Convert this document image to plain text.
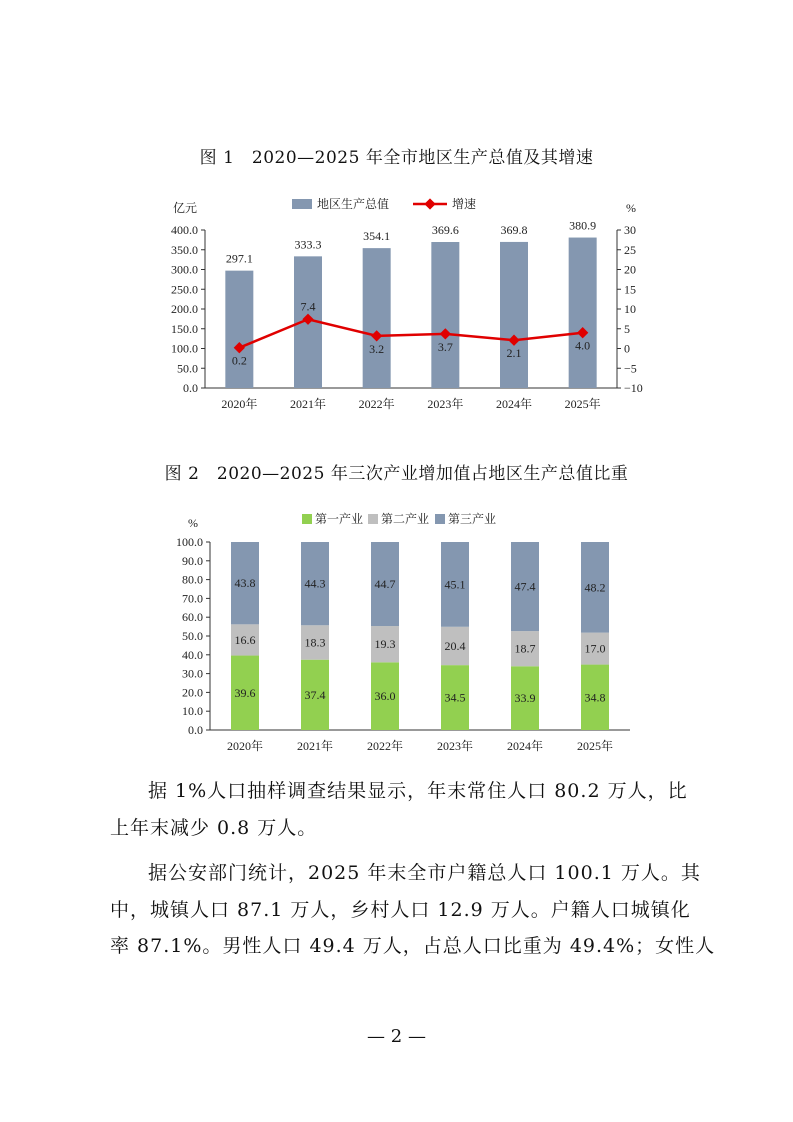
图 1　2020—2025 年全市地区生产总值及其增速
地区生产总值	增速
亿元	%
0.0
50.0
100.0
150.0
200.0
250.0
300.0
350.0
400.0
−10
−5
0
5
10
15
20
25
30
297.1
2020年
333.3
2021年
354.1
2022年
369.6
2023年
369.8
2024年
380.9
2025年
0.2
7.4
3.2	3.7	2.1
4.0
图 2　2020—2025 年三次产业增加值占地区生产总值比重
第一产业 第二产业 第三产业
%
0.0
10.0
20.0
30.0
40.0
50.0
60.0
70.0
80.0
90.0
100.0
39.6
16.6
43.8
2020年
37.4
18.3
44.3
2021年
36.0
19.3
44.7
2022年
34.5
20.4
45.1
2023年
33.9
18.7
47.4
2024年
34.8
17.0
48.2
2025年
据 1%人口抽样调查结果显示，年末常住人口 80.2 万人，比
上年末减少 0.8 万人。
据公安部门统计，2025 年末全市户籍总人口 100.1 万人。其
中，城镇人口 87.1 万人，乡村人口 12.9 万人。户籍人口城镇化
率 87.1%。男性人口 49.4 万人，占总人口比重为 49.4%；女性人
— 2 —
